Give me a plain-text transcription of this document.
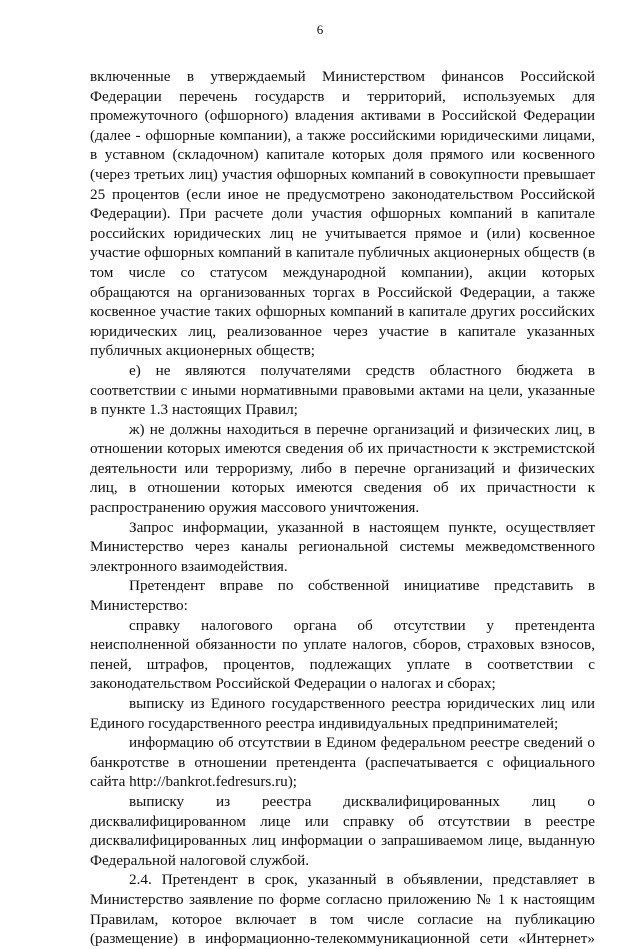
6

включенные в утверждаемый Министерством финансов Российской Федерации перечень государств и территорий, используемых для промежуточного (офшорного) владения активами в Российской Федерации (далее - офшорные компании), а также российскими юридическими лицами, в уставном (складочном) капитале которых доля прямого или косвенного (через третьих лиц) участия офшорных компаний в совокупности превышает 25 процентов (если иное не предусмотрено законодательством Российской Федерации). При расчете доли участия офшорных компаний в капитале российских юридических лиц не учитывается прямое и (или) косвенное участие офшорных компаний в капитале публичных акционерных обществ (в том числе со статусом международной компании), акции которых обращаются на организованных торгах в Российской Федерации, а также косвенное участие таких офшорных компаний в капитале других российских юридических лиц, реализованное через участие в капитале указанных публичных акционерных обществ;

е) не являются получателями средств областного бюджета в соответствии с иными нормативными правовыми актами на цели, указанные в пункте 1.3 настоящих Правил;

ж) не должны находиться в перечне организаций и физических лиц, в отношении которых имеются сведения об их причастности к экстремистской деятельности или терроризму, либо в перечне организаций и физических лиц, в отношении которых имеются сведения об их причастности к распространению оружия массового уничтожения.

Запрос информации, указанной в настоящем пункте, осуществляет Министерство через каналы региональной системы межведомственного электронного взаимодействия.

Претендент вправе по собственной инициативе представить в Министерство:

справку налогового органа об отсутствии у претендента неисполненной обязанности по уплате налогов, сборов, страховых взносов, пеней, штрафов, процентов, подлежащих уплате в соответствии с законодательством Российской Федерации о налогах и сборах;

выписку из Единого государственного реестра юридических лиц или Единого государственного реестра индивидуальных предпринимателей;

информацию об отсутствии в Едином федеральном реестре сведений о банкротстве в отношении претендента (распечатывается с официального сайта http://bankrot.fedresurs.ru);

выписку из реестра дисквалифицированных лиц о дисквалифицированном лице или справку об отсутствии в реестре дисквалифицированных лиц информации о запрашиваемом лице, выданную Федеральной налоговой службой.

2.4. Претендент в срок, указанный в объявлении, представляет в Министерство заявление по форме согласно приложению № 1 к настоящим Правилам, которое включает в том числе согласие на публикацию (размещение) в информационно-телекоммуникационной сети «Интернет»
